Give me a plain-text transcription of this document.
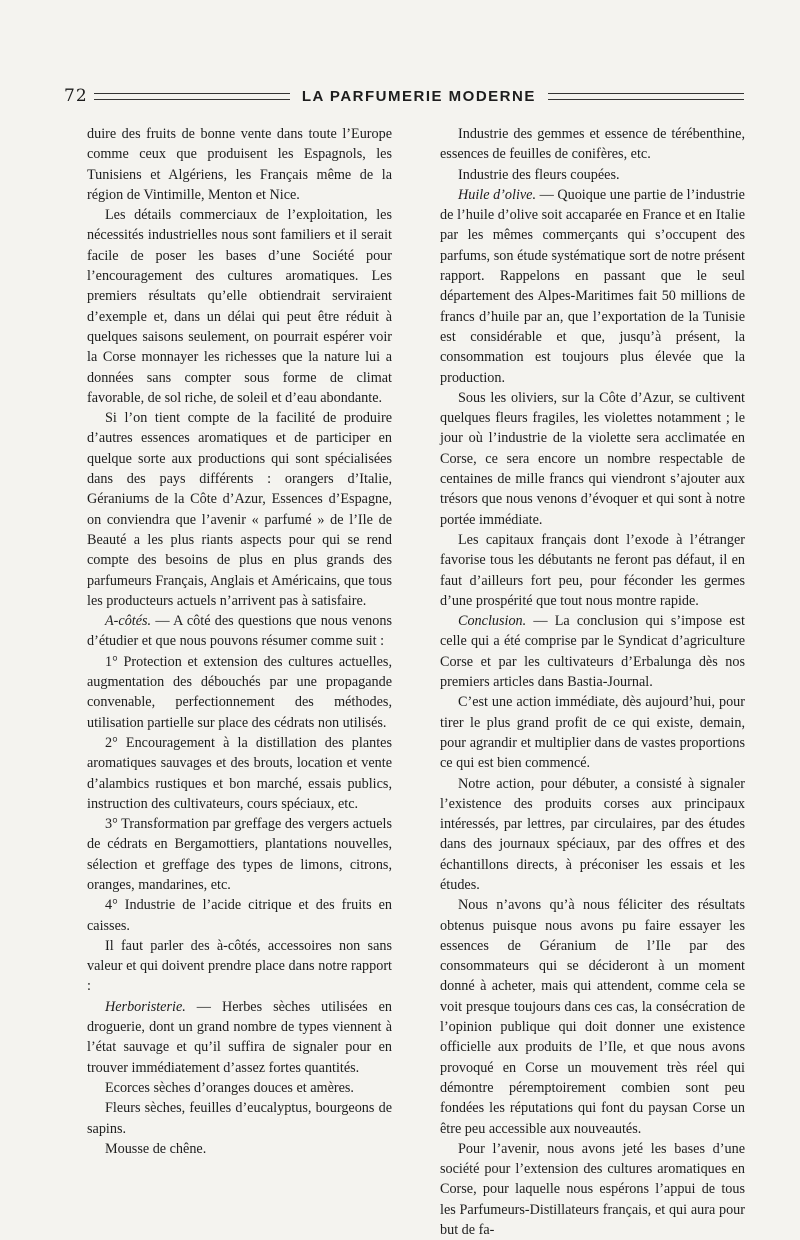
72	LA PARFUMERIE MODERNE

duire des fruits de bonne vente dans toute l’Europe comme ceux que produisent les Espagnols, les Tunisiens et Algériens, les Français même de la région de Vintimille, Menton et Nice.

Les détails commerciaux de l’exploitation, les nécessités industrielles nous sont familiers et il serait facile de poser les bases d’une Société pour l’encouragement des cultures aromatiques. Les premiers résultats qu’elle obtiendrait serviraient d’exemple et, dans un délai qui peut être réduit à quelques saisons seulement, on pourrait espérer voir la Corse monnayer les richesses que la nature lui a données sans compter sous forme de climat favorable, de sol riche, de soleil et d’eau abondante.

Si l’on tient compte de la facilité de produire d’autres essences aromatiques et de participer en quelque sorte aux productions qui sont spécialisées dans des pays différents : orangers d’Italie, Géraniums de la Côte d’Azur, Essences d’Espagne, on conviendra que l’avenir « parfumé » de l’Ile de Beauté a les plus riants aspects pour qui se rend compte des besoins de plus en plus grands des parfumeurs Français, Anglais et Américains, que tous les producteurs actuels n’arrivent pas à satisfaire.

A-côtés. — A côté des questions que nous venons d’étudier et que nous pouvons résumer comme suit :

1° Protection et extension des cultures actuelles, augmentation des débouchés par une propagande convenable, perfectionnement des méthodes, utilisation partielle sur place des cédrats non utilisés.

2° Encouragement à la distillation des plantes aromatiques sauvages et des brouts, location et vente d’alambics rustiques et bon marché, essais publics, instruction des cultivateurs, cours spéciaux, etc.

3° Transformation par greffage des vergers actuels de cédrats en Bergamottiers, plantations nouvelles, sélection et greffage des types de limons, citrons, oranges, mandarines, etc.

4° Industrie de l’acide citrique et des fruits en caisses.

Il faut parler des à-côtés, accessoires non sans valeur et qui doivent prendre place dans notre rapport :

Herboristerie. — Herbes sèches utilisées en droguerie, dont un grand nombre de types viennent à l’état sauvage et qu’il suffira de signaler pour en trouver immédiatement d’assez fortes quantités.

Ecorces sèches d’oranges douces et amères.

Fleurs sèches, feuilles d’eucalyptus, bourgeons de sapins.

Mousse de chêne.

Industrie des gemmes et essence de térébenthine, essences de feuilles de conifères, etc.

Industrie des fleurs coupées.

Huile d’olive. — Quoique une partie de l’industrie de l’huile d’olive soit accaparée en France et en Italie par les mêmes commerçants qui s’occupent des parfums, son étude systématique sort de notre présent rapport. Rappelons en passant que le seul département des Alpes-Maritimes fait 50 millions de francs d’huile par an, que l’exportation de la Tunisie est considérable et que, jusqu’à présent, la consommation est toujours plus élevée que la production.

Sous les oliviers, sur la Côte d’Azur, se cultivent quelques fleurs fragiles, les violettes notamment ; le jour où l’industrie de la violette sera acclimatée en Corse, ce sera encore un nombre respectable de centaines de mille francs qui viendront s’ajouter aux trésors que nous venons d’évoquer et qui sont à notre portée immédiate.

Les capitaux français dont l’exode à l’étranger favorise tous les débutants ne feront pas défaut, il en faut d’ailleurs fort peu, pour féconder les germes d’une prospérité que tout nous montre rapide.

Conclusion. — La conclusion qui s’impose est celle qui a été comprise par le Syndicat d’agriculture Corse et par les cultivateurs d’Erbalunga dès nos premiers articles dans Bastia-Journal.

C’est une action immédiate, dès aujourd’hui, pour tirer le plus grand profit de ce qui existe, demain, pour agrandir et multiplier dans de vastes proportions ce qui est bien commencé.

Notre action, pour débuter, a consisté à signaler l’existence des produits corses aux principaux intéressés, par lettres, par circulaires, par des études dans des journaux spéciaux, par des offres et des échantillons directs, à préconiser les essais et les études.

Nous n’avons qu’à nous féliciter des résultats obtenus puisque nous avons pu faire essayer les essences de Géranium de l’Ile par des consommateurs qui se décideront à un moment donné à acheter, mais qui attendent, comme cela se voit presque toujours dans ces cas, la consécration de l’opinion publique qui doit donner une existence officielle aux produits de l’Ile, et que nous avons provoqué en Corse un mouvement très réel qui démontre péremptoirement combien sont peu fondées les réputations qui font du paysan Corse un être peu accessible aux nouveautés.

Pour l’avenir, nous avons jeté les bases d’une société pour l’extension des cultures aromatiques en Corse, pour laquelle nous espérons l’appui de tous les Parfumeurs-Distillateurs français, et qui aura pour but de fa-
